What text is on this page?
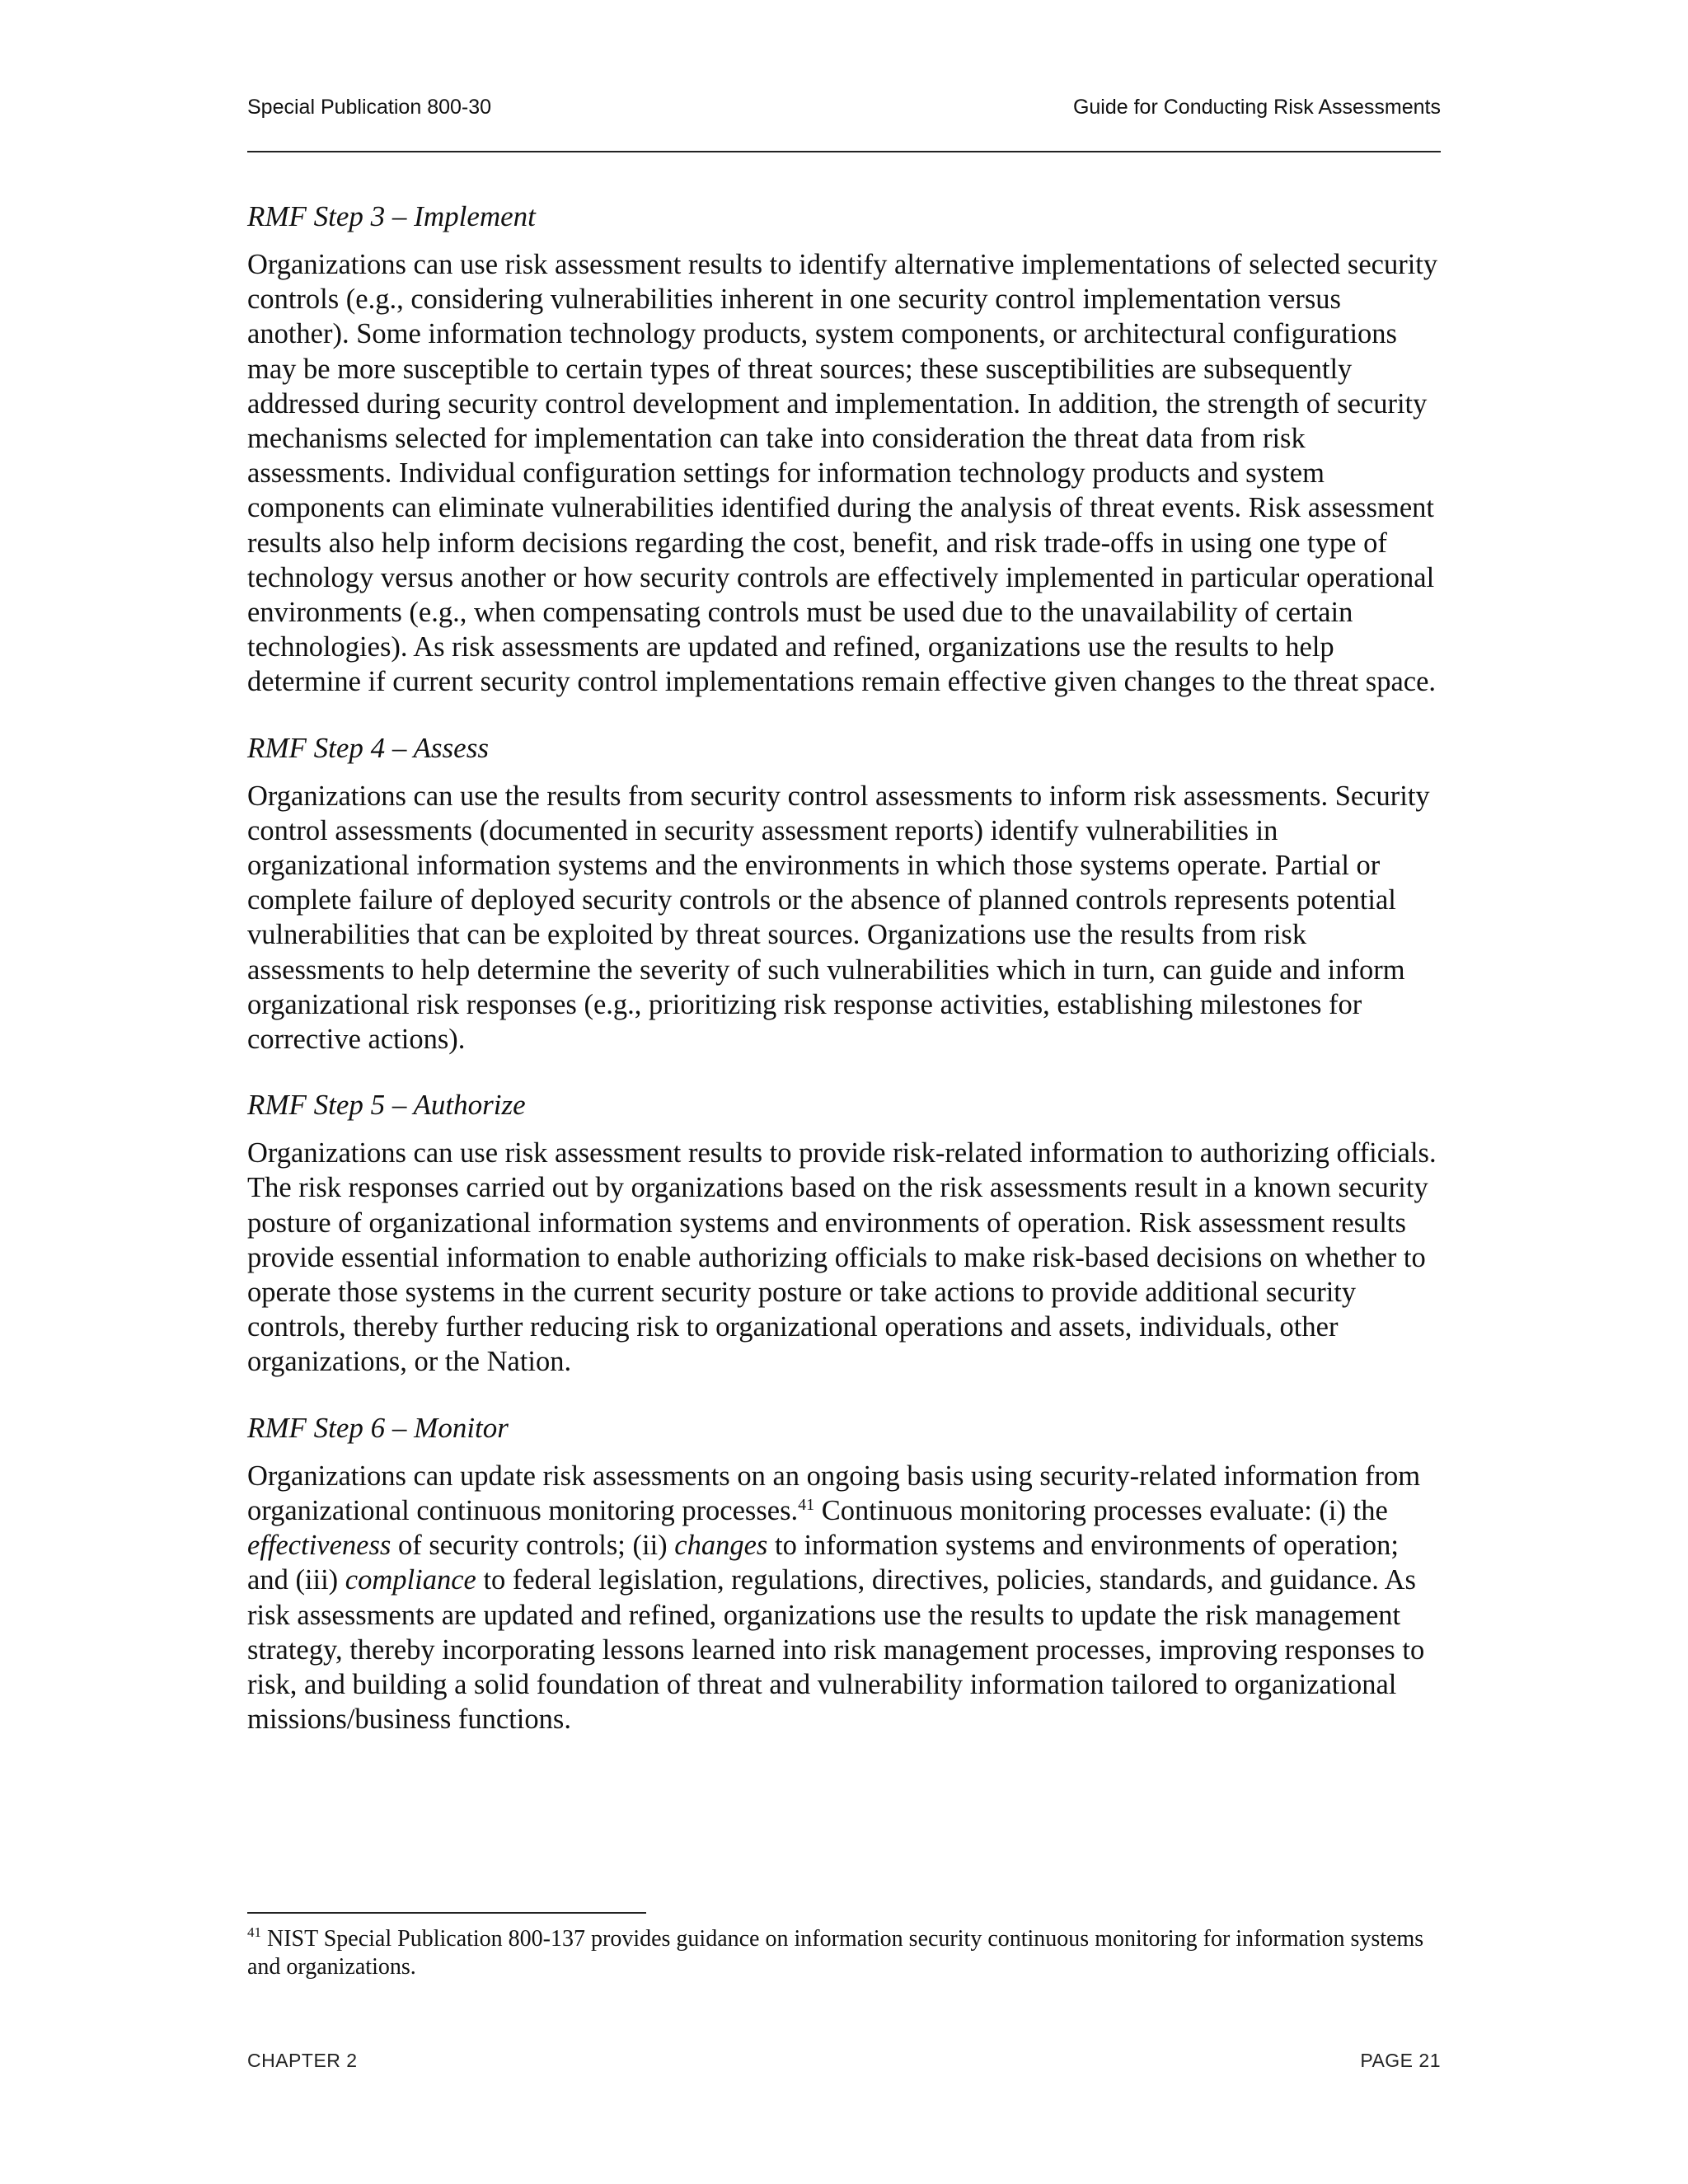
Special Publication 800-30	Guide for Conducting Risk Assessments
RMF Step 3 – Implement

Organizations can use risk assessment results to identify alternative implementations of selected security controls (e.g., considering vulnerabilities inherent in one security control implementation versus another). Some information technology products, system components, or architectural configurations may be more susceptible to certain types of threat sources; these susceptibilities are subsequently addressed during security control development and implementation. In addition, the strength of security mechanisms selected for implementation can take into consideration the threat data from risk assessments. Individual configuration settings for information technology products and system components can eliminate vulnerabilities identified during the analysis of threat events. Risk assessment results also help inform decisions regarding the cost, benefit, and risk trade-offs in using one type of technology versus another or how security controls are effectively implemented in particular operational environments (e.g., when compensating controls must be used due to the unavailability of certain technologies). As risk assessments are updated and refined, organizations use the results to help determine if current security control implementations remain effective given changes to the threat space.

RMF Step 4 – Assess

Organizations can use the results from security control assessments to inform risk assessments. Security control assessments (documented in security assessment reports) identify vulnerabilities in organizational information systems and the environments in which those systems operate. Partial or complete failure of deployed security controls or the absence of planned controls represents potential vulnerabilities that can be exploited by threat sources. Organizations use the results from risk assessments to help determine the severity of such vulnerabilities which in turn, can guide and inform organizational risk responses (e.g., prioritizing risk response activities, establishing milestones for corrective actions).

RMF Step 5 – Authorize

Organizations can use risk assessment results to provide risk-related information to authorizing officials. The risk responses carried out by organizations based on the risk assessments result in a known security posture of organizational information systems and environments of operation. Risk assessment results provide essential information to enable authorizing officials to make risk-based decisions on whether to operate those systems in the current security posture or take actions to provide additional security controls, thereby further reducing risk to organizational operations and assets, individuals, other organizations, or the Nation.

RMF Step 6 – Monitor

Organizations can update risk assessments on an ongoing basis using security-related information from organizational continuous monitoring processes.$^{41}$ Continuous monitoring processes evaluate: (i) the effectiveness of security controls; (ii) changes to information systems and environments of operation; and (iii) compliance to federal legislation, regulations, directives, policies, standards, and guidance. As risk assessments are updated and refined, organizations use the results to update the risk management strategy, thereby incorporating lessons learned into risk management processes, improving responses to risk, and building a solid foundation of threat and vulnerability information tailored to organizational missions/business functions.

$^{41}$ NIST Special Publication 800-137 provides guidance on information security continuous monitoring for information systems and organizations.
CHAPTER 2	PAGE 21
